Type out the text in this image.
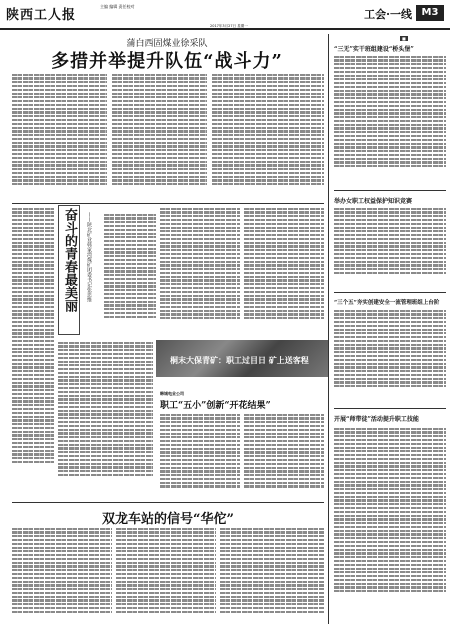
陕西工人报
主编 编辑 责任校对
工会·一线 M3
2017年3月27日 星期一
蒲白西固煤业徐采队
多措并举提升队伍“战斗力”
奋斗的青春最美丽 ——陕北矿业韩家湾煤矿团委书记张思维
桐末大保青矿：职工过目日 矿上送客程
韩城电业公司
职工“五小”创新“开花结果”
双龙车站的信号“华佗”
■
“三无”实干班组建设“桥头堡”
举办女职工权益保护知识竞赛
“三个五”夯实创建安全一流管理班组上台阶
开展“师带徒”活动提升职工技能
